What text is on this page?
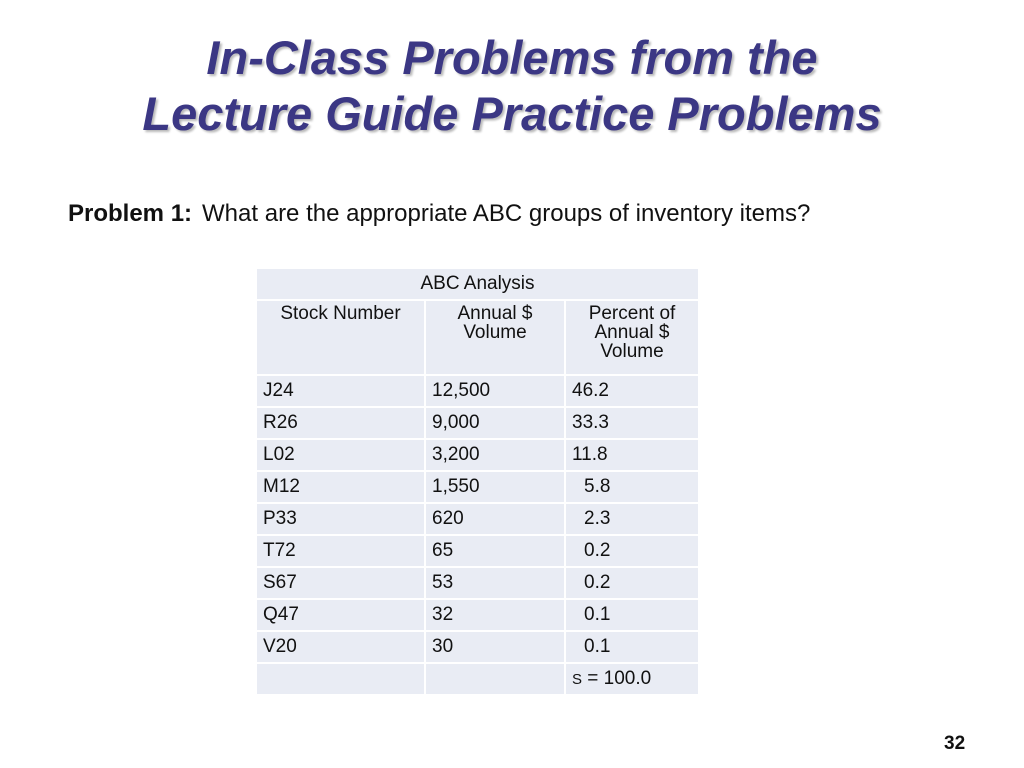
In-Class Problems from the
Lecture Guide Practice Problems
Problem 1: What are the appropriate ABC groups of inventory items?
ABC Analysis		
Stock Number	Annual $ Volume	Percent of Annual $ Volume
J24	12,500	46.2
R26	9,000	33.3
L02	3,200	11.8
M12	1,550	5.8
P33	620	2.3
T72	65	0.2
S67	53	0.2
Q47	32	0.1
V20	30	0.1
		S = 100.0
32
